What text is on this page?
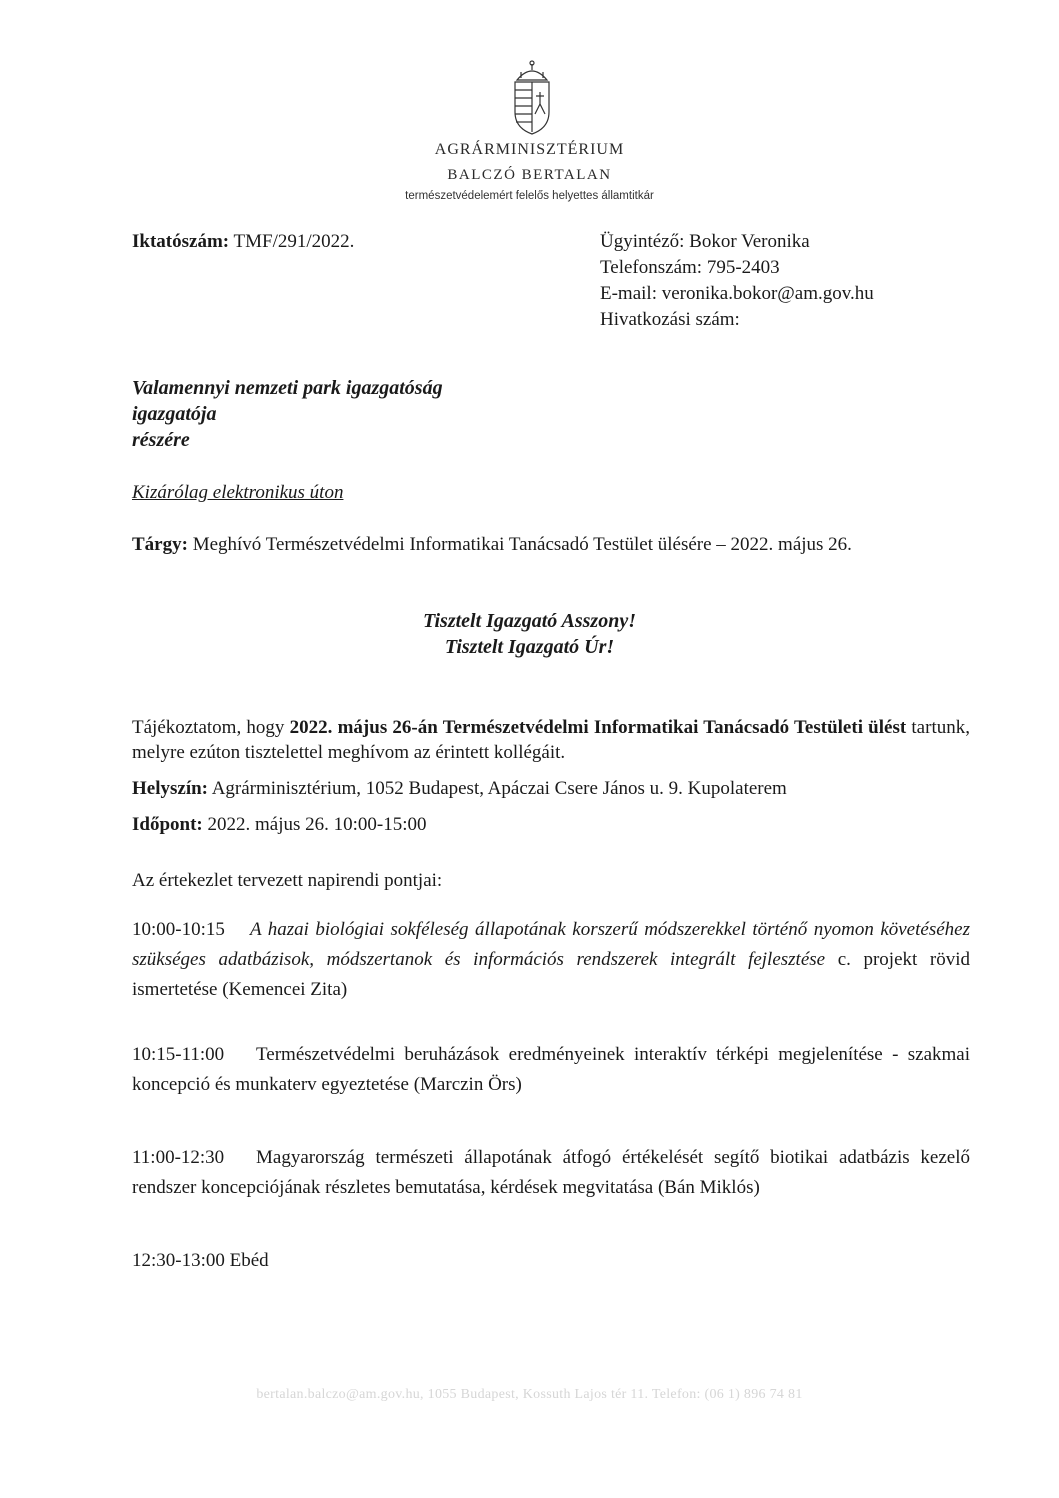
AGRÁRMINISZTÉRIUM
BALCZÓ BERTALAN
természetvédelemért felelős helyettes államtitkár
Iktatószám: TMF/291/2022.	Ügyintéző: Bokor Veronika
Telefonszám: 795-2403
E-mail: veronika.bokor@am.gov.hu
Hivatkozási szám:
Valamennyi nemzeti park igazgatóság
igazgatója
részére
Kizárólag elektronikus úton
Tárgy: Meghívó Természetvédelmi Informatikai Tanácsadó Testület ülésére – 2022. május 26.
Tisztelt Igazgató Asszony!
Tisztelt Igazgató Úr!
Tájékoztatom, hogy 2022. május 26-án Természetvédelmi Informatikai Tanácsadó Testületi ülést tartunk, melyre ezúton tisztelettel meghívom az érintett kollégáit.
Helyszín: Agrárminisztérium, 1052 Budapest, Apáczai Csere János u. 9. Kupolaterem
Időpont: 2022. május 26. 10:00-15:00
Az értekezlet tervezett napirendi pontjai:
10:00-10:15	A hazai biológiai sokféleség állapotának korszerű módszerekkel történő nyomon követéséhez szükséges adatbázisok, módszertanok és információs rendszerek integrált fejlesztése c. projekt rövid ismertetése (Kemencei Zita)
10:15-11:00	Természetvédelmi beruházások eredményeinek interaktív térképi megjelenítése - szakmai koncepció és munkaterv egyeztetése (Marczin Örs)
11:00-12:30	Magyarország természeti állapotának átfogó értékelését segítő biotikai adatbázis kezelő rendszer koncepciójának részletes bemutatása, kérdések megvitatása (Bán Miklós)
12:30-13:00 Ebéd
bertalan.balczo@am.gov.hu, 1055 Budapest, Kossuth Lajos tér 11. Telefon: (06 1) 896 74 81
